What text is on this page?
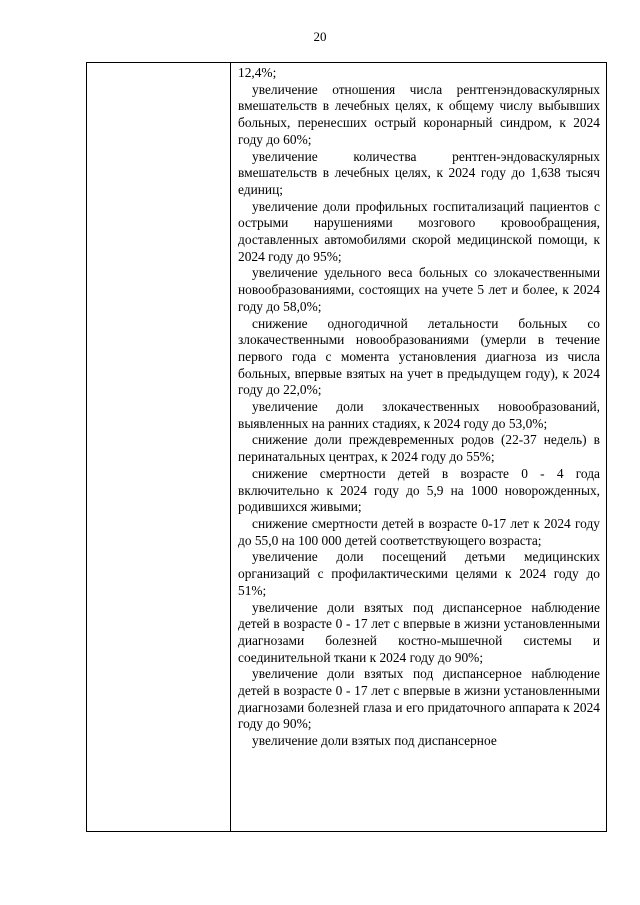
20

12,4%;

увеличение отношения числа рентгенэндоваскулярных вмешательств в лечебных целях, к общему числу выбывших больных, перенесших острый коронарный синдром, к 2024 году до 60%;

увеличение количества рентген-эндоваскулярных вмешательств в лечебных целях, к 2024 году до 1,638 тысяч единиц;

увеличение доли профильных госпитализаций пациентов с острыми нарушениями мозгового кровообращения, доставленных автомобилями скорой медицинской помощи, к 2024 году до 95%;

увеличение удельного веса больных со злокачественными новообразованиями, состоящих на учете 5 лет и более, к 2024 году до 58,0%;

снижение одногодичной летальности больных со злокачественными новообразованиями (умерли в течение первого года с момента установления диагноза из числа больных, впервые взятых на учет в предыдущем году), к 2024 году до 22,0%;

увеличение доли злокачественных новообразований, выявленных на ранних стадиях, к 2024 году до 53,0%;

снижение доли преждевременных родов (22-37 недель) в перинатальных центрах, к 2024 году до 55%;

снижение смертности детей в возрасте 0 - 4 года включительно к 2024 году до 5,9 на 1000 новорожденных, родившихся живыми;

снижение смертности детей в возрасте 0-17 лет к 2024 году до 55,0 на 100 000 детей соответствующего возраста;

увеличение доли посещений детьми медицинских организаций с профилактическими целями к 2024 году до 51%;

увеличение доли взятых под диспансерное наблюдение детей в возрасте 0 - 17 лет с впервые в жизни установленными диагнозами болезней костно-мышечной системы и соединительной ткани к 2024 году до 90%;

увеличение доли взятых под диспансерное наблюдение детей в возрасте 0 - 17 лет с впервые в жизни установленными диагнозами болезней глаза и его придаточного аппарата к 2024 году до 90%;

увеличение доли взятых под диспансерное
